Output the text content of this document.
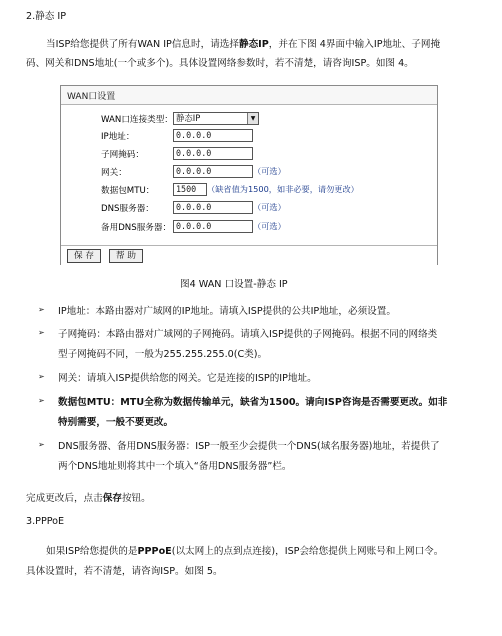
2.静态 IP
当ISP给您提供了所有WAN IP信息时，请选择静态IP，并在下图 4界面中输入IP地址、子网掩
码、网关和DNS地址(一个或多个)。具体设置网络参数时，若不清楚，请咨询ISP。如图 4。
WAN口设置
WAN口连接类型： 静态IP	▼
IP地址：	0.0.0.0
子网掩码：	0.0.0.0
网关：	0.0.0.0	（可选）
数据包MTU：	1500	（缺省值为1500，如非必要，请勿更改）
DNS服务器：	0.0.0.0	（可选）
备用DNS服务器： 0.0.0.0	（可选）
保 存	帮 助
图4 WAN 口设置-静态 IP
➢ IP地址：本路由器对广域网的IP地址。请填入ISP提供的公共IP地址，必须设置。
➢ 子网掩码：本路由器对广域网的子网掩码。请填入ISP提供的子网掩码。根据不同的网络类
型子网掩码不同，一般为255.255.255.0(C类)。
➢ 网关：请填入ISP提供给您的网关。它是连接的ISP的IP地址。
➢ 数据包MTU：MTU全称为数据传输单元，缺省为1500。请向ISP咨询是否需要更改。如非
特别需要，一般不要更改。
➢ DNS服务器、备用DNS服务器：ISP一般至少会提供一个DNS(域名服务器)地址，若提供了
两个DNS地址则将其中一个填入“备用DNS服务器”栏。
完成更改后，点击保存按钮。
3.PPPoE
如果ISP给您提供的是PPPoE(以太网上的点到点连接)，ISP会给您提供上网账号和上网口令。
具体设置时，若不清楚，请咨询ISP。如图 5。
